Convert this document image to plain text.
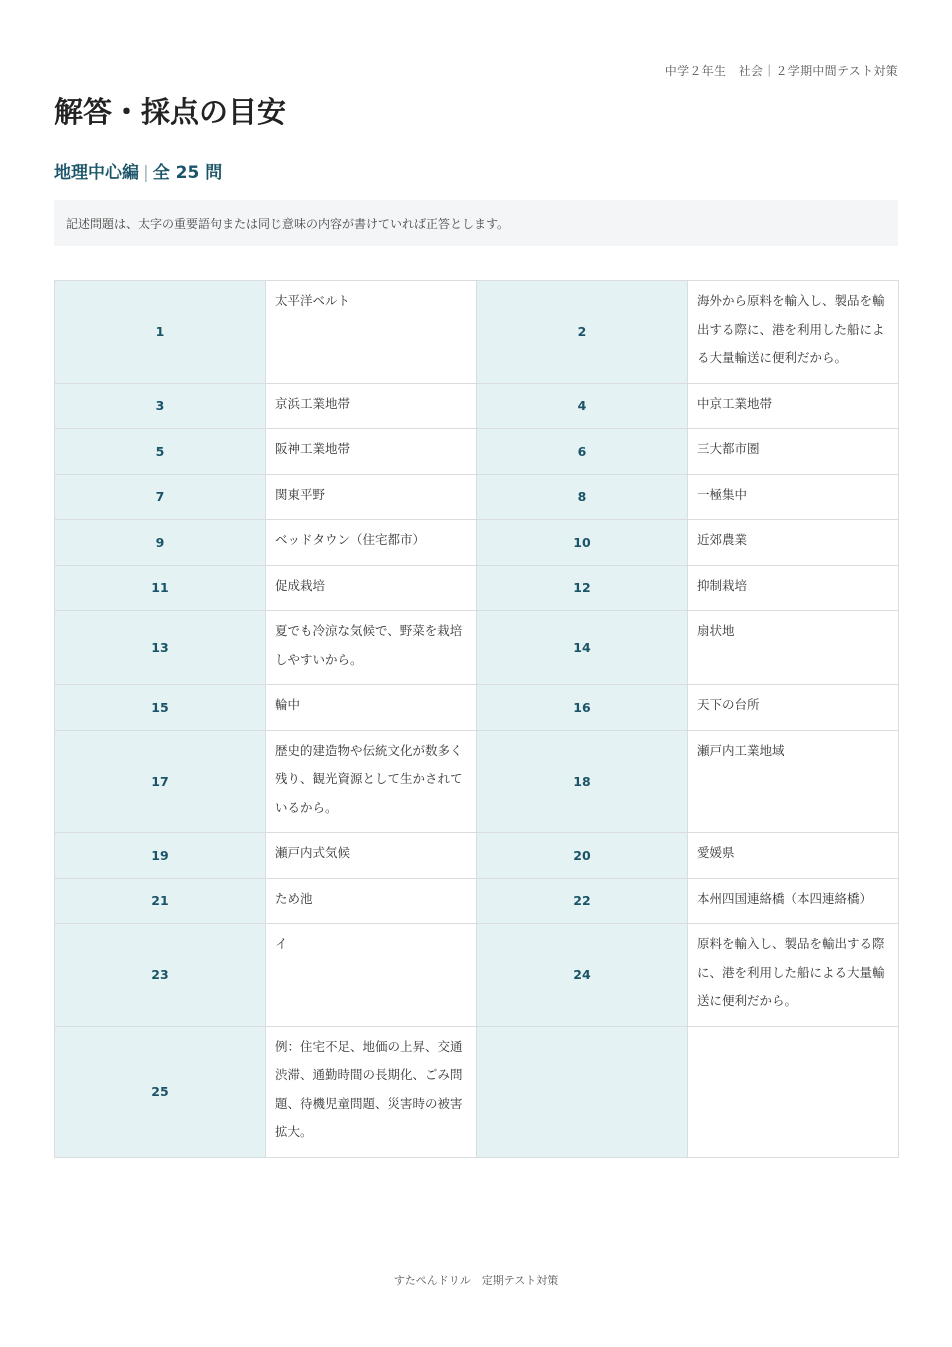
中学２年生　社会｜２学期中間テスト対策
解答・採点の目安
地理中心編 | 全 25 問
記述問題は、太字の重要語句または同じ意味の内容が書けていれば正答とします。
1	太平洋ベルト	2	海外から原料を輸入し、製品を輸出する際に、港を利用した船による大量輸送に便利だから。

3	京浜工業地帯	4	中京工業地帯

5	阪神工業地帯	6	三大都市圏

7	関東平野	8	一極集中

9	ベッドタウン（住宅都市）	10	近郊農業

11	促成栽培	12	抑制栽培

13	夏でも冷涼な気候で、野菜を栽培しやすいから。	14	扇状地

15	輪中	16	天下の台所

17	歴史的建造物や伝統文化が数多く残り、観光資源として生かされているから。	18	瀬戸内工業地域

19	瀬戸内式気候	20	愛媛県

21	ため池	22	本州四国連絡橋（本四連絡橋）

23	イ	24	原料を輸入し、製品を輸出する際に、港を利用した船による大量輸送に便利だから。

25	例：住宅不足、地価の上昇、交通渋滞、通勤時間の長期化、ごみ問題、待機児童問題、災害時の被害拡大。		

すたぺんドリル　定期テスト対策
